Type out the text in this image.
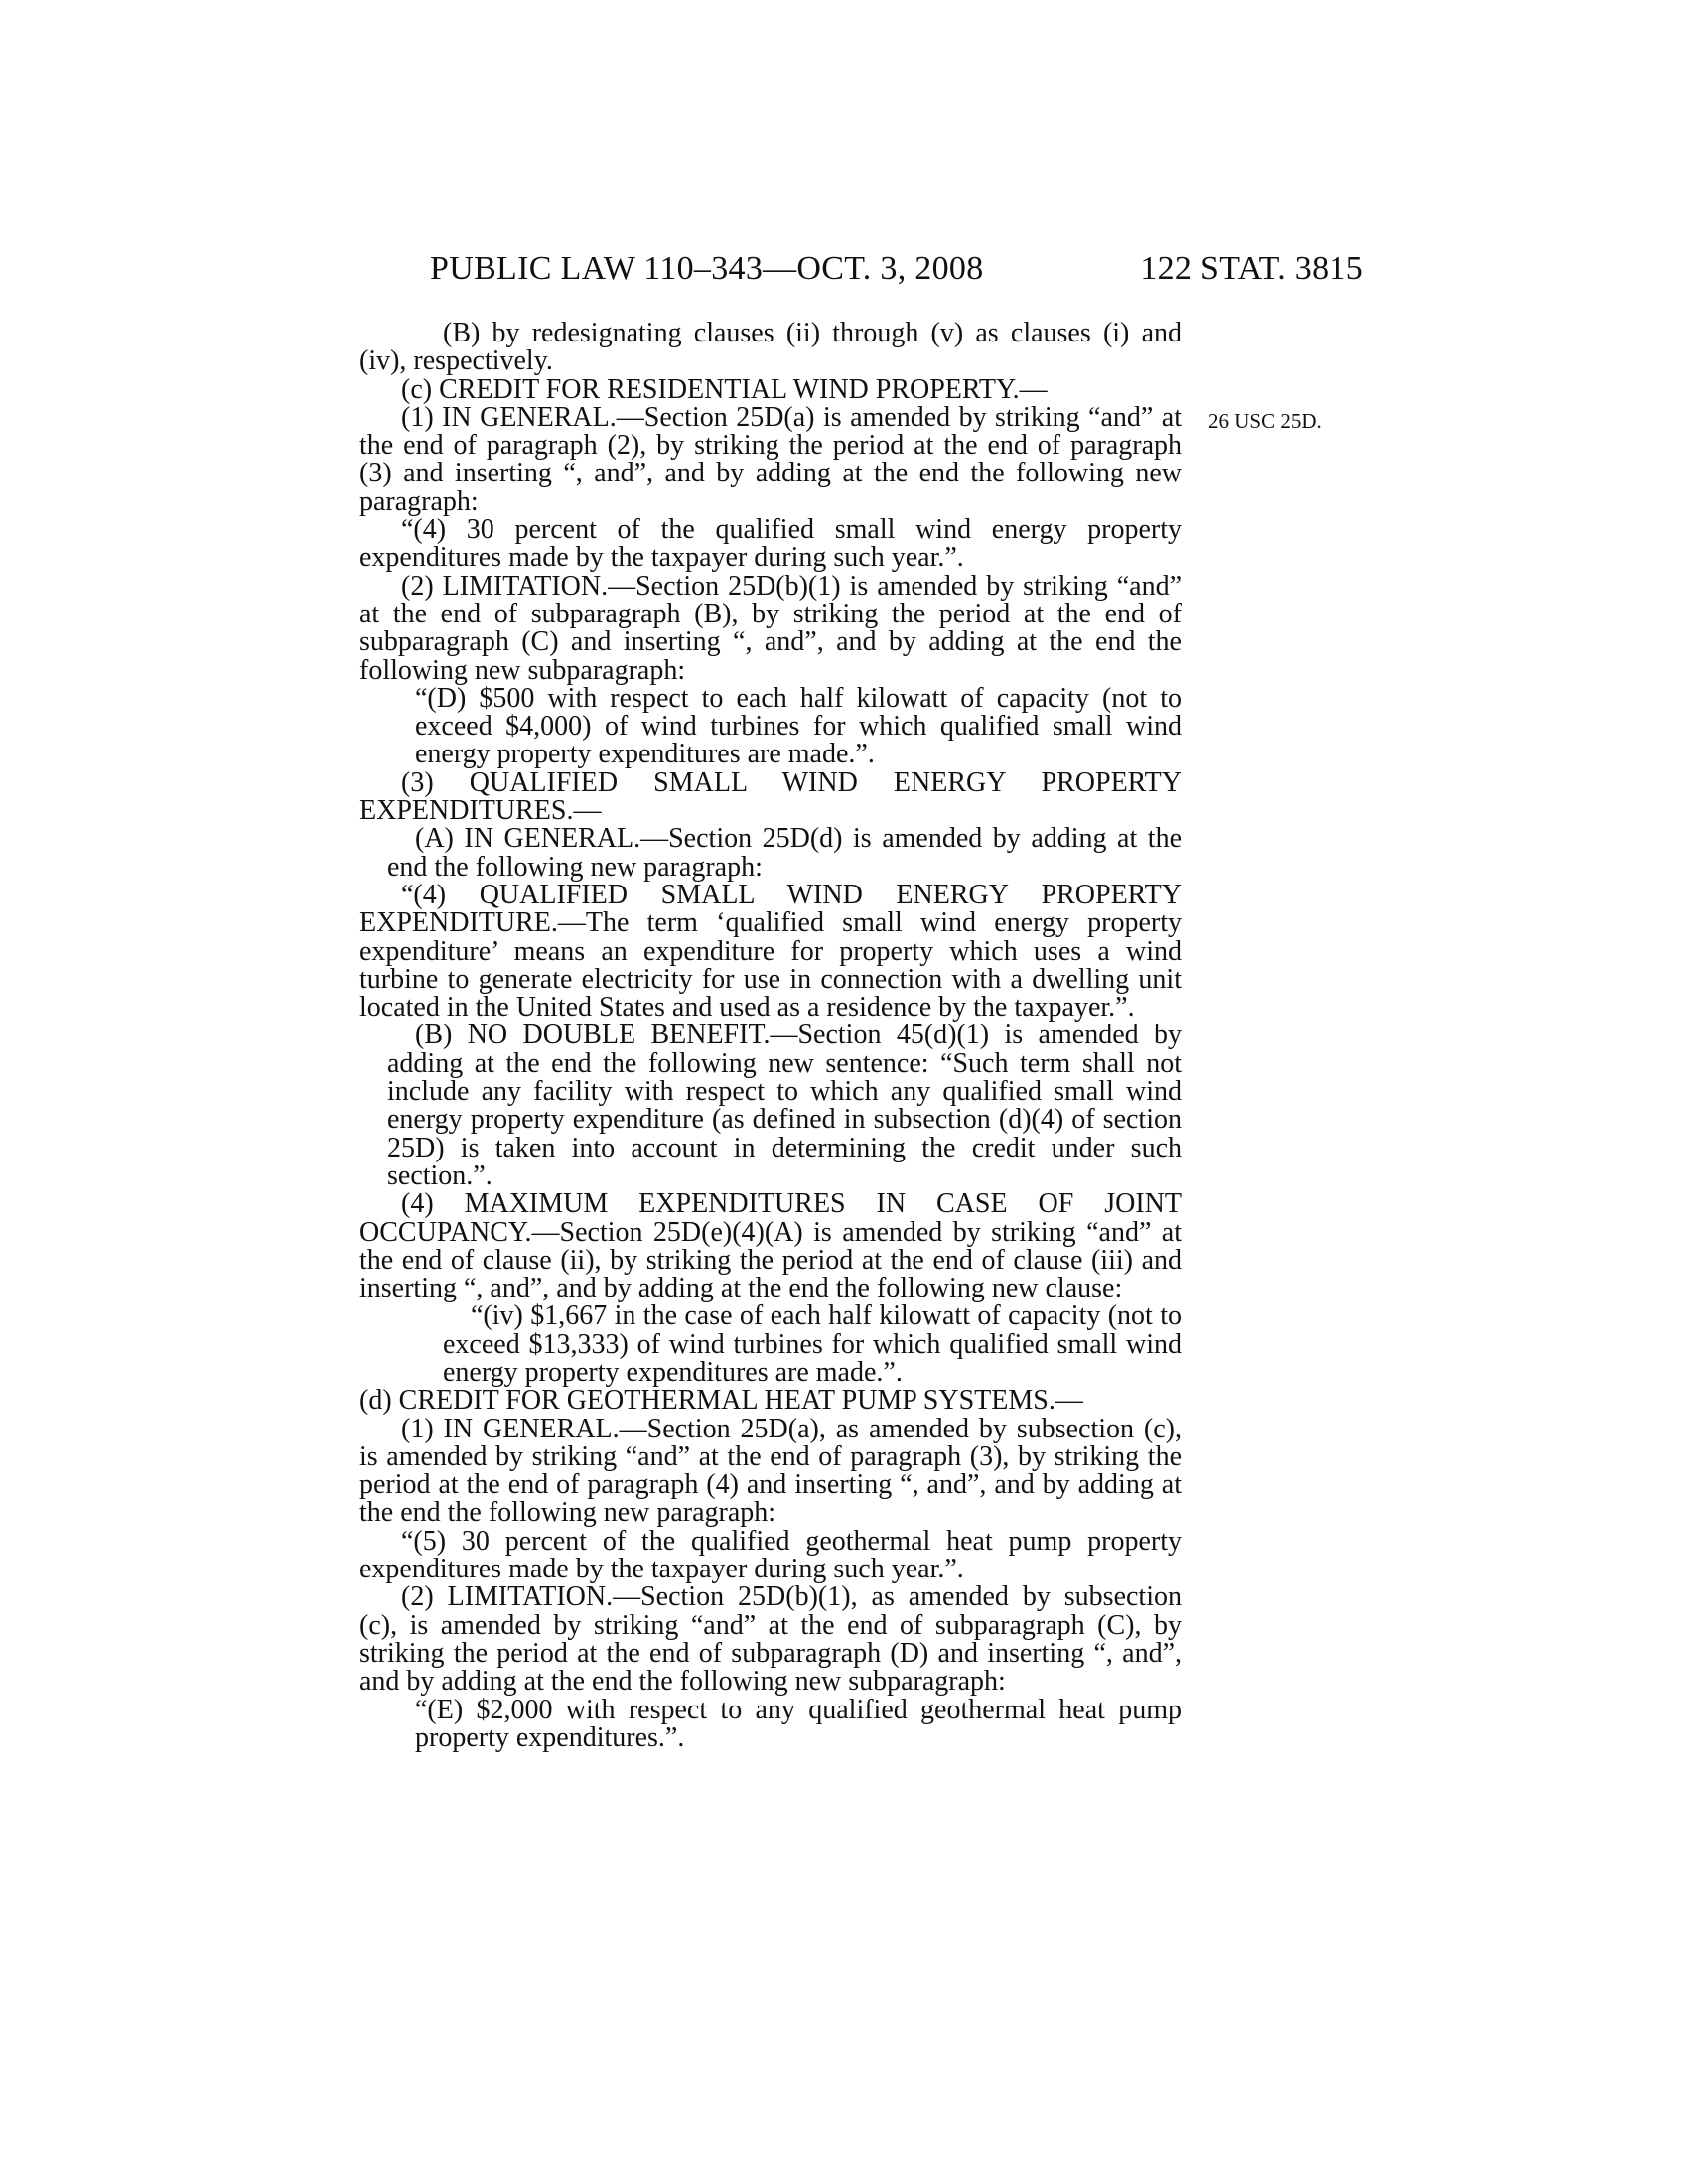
PUBLIC LAW 110–343—OCT. 3, 2008	122 STAT. 3815
26 USC 25D.

(B) by redesignating clauses (ii) through (v) as clauses (i) and (iv), respectively.

(c) CREDIT FOR RESIDENTIAL WIND PROPERTY.—

(1) IN GENERAL.—Section 25D(a) is amended by striking “and” at the end of paragraph (2), by striking the period at the end of paragraph (3) and inserting “, and”, and by adding at the end the following new paragraph:

“(4) 30 percent of the qualified small wind energy property expenditures made by the taxpayer during such year.”.

(2) LIMITATION.—Section 25D(b)(1) is amended by striking “and” at the end of subparagraph (B), by striking the period at the end of subparagraph (C) and inserting “, and”, and by adding at the end the following new subparagraph:

“(D) $500 with respect to each half kilowatt of capacity (not to exceed $4,000) of wind turbines for which qualified small wind energy property expenditures are made.”.

(3) QUALIFIED SMALL WIND ENERGY PROPERTY EXPENDITURES.—

(A) IN GENERAL.—Section 25D(d) is amended by adding at the end the following new paragraph:

“(4) QUALIFIED SMALL WIND ENERGY PROPERTY EXPENDITURE.—The term ‘qualified small wind energy property expenditure’ means an expenditure for property which uses a wind turbine to generate electricity for use in connection with a dwelling unit located in the United States and used as a residence by the taxpayer.”.

(B) NO DOUBLE BENEFIT.—Section 45(d)(1) is amended by adding at the end the following new sentence: “Such term shall not include any facility with respect to which any qualified small wind energy property expenditure (as defined in subsection (d)(4) of section 25D) is taken into account in determining the credit under such section.”.

(4) MAXIMUM EXPENDITURES IN CASE OF JOINT OCCUPANCY.—Section 25D(e)(4)(A) is amended by striking “and” at the end of clause (ii), by striking the period at the end of clause (iii) and inserting “, and”, and by adding at the end the following new clause:

“(iv) $1,667 in the case of each half kilowatt of capacity (not to exceed $13,333) of wind turbines for which qualified small wind energy property expenditures are made.”.

(d) CREDIT FOR GEOTHERMAL HEAT PUMP SYSTEMS.—

(1) IN GENERAL.—Section 25D(a), as amended by subsection (c), is amended by striking “and” at the end of paragraph (3), by striking the period at the end of paragraph (4) and inserting “, and”, and by adding at the end the following new paragraph:

“(5) 30 percent of the qualified geothermal heat pump property expenditures made by the taxpayer during such year.”.

(2) LIMITATION.—Section 25D(b)(1), as amended by subsection (c), is amended by striking “and” at the end of subparagraph (C), by striking the period at the end of subparagraph (D) and inserting “, and”, and by adding at the end the following new subparagraph:

“(E) $2,000 with respect to any qualified geothermal heat pump property expenditures.”.
